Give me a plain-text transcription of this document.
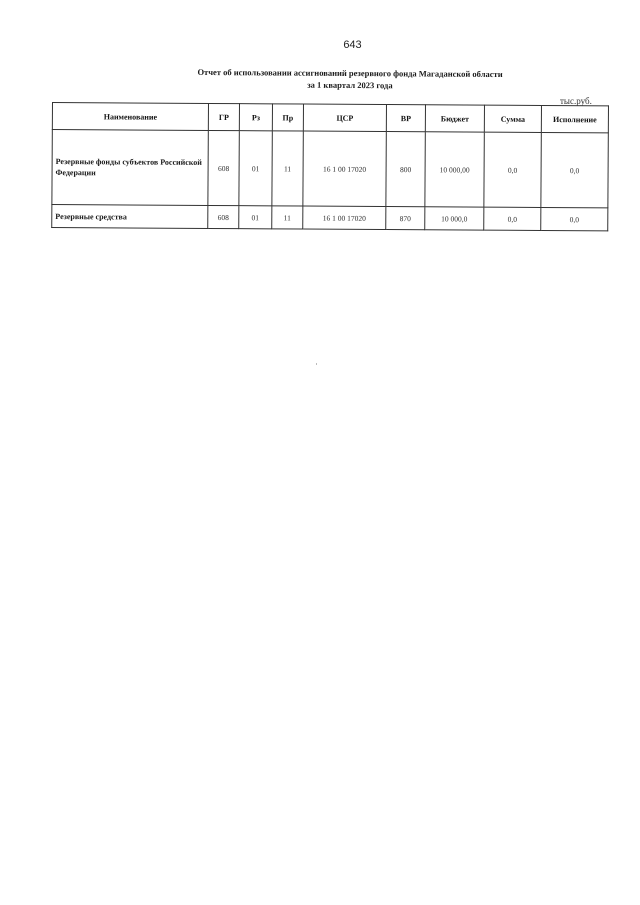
643
Отчет об использовании ассигнований резервного фонда Магаданской области
за 1 квартал 2023 года
тыс.руб.
Наименование	ГР	Рз	Пр	ЦСР	ВР	Бюджет	Сумма	Исполнение
Резервные фонды субъектов Российской Федерации	608	01	11	16 1 00 17020	800	10 000,00	0,0	0,0
Резервные средства	608	01	11	16 1 00 17020	870	10 000,0	0,0	0,0
